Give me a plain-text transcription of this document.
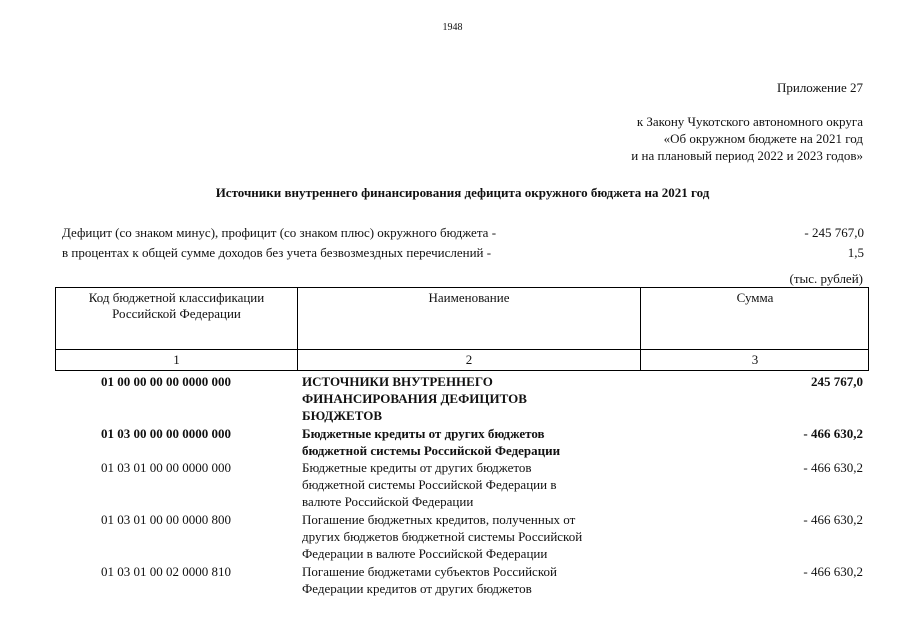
1948
Приложение 27
к Закону Чукотского автономного округа
«Об окружном бюджете на 2021 год
и на плановый период 2022 и 2023 годов»
Источники внутреннего финансирования дефицита окружного бюджета на 2021 год
Дефицит (со знаком минус), профицит (со знаком плюс) окружного бюджета -	- 245 767,0
в процентах к общей сумме доходов без учета безвозмездных перечислений -	1,5
(тыс. рублей)
Код бюджетной классификации
Российской Федерации
Наименование	Сумма
1	2	3
01 00 00 00 00 0000 000	ИСТОЧНИКИ ВНУТРЕННЕГО
ФИНАНСИРОВАНИЯ ДЕФИЦИТОВ
БЮДЖЕТОВ
245 767,0
01 03 00 00 00 0000 000	Бюджетные кредиты от других бюджетов
бюджетной системы Российской Федерации
- 466 630,2
01 03 01 00 00 0000 000	Бюджетные кредиты от других бюджетов
бюджетной системы Российской Федерации в
валюте Российской Федерации
- 466 630,2
01 03 01 00 00 0000 800	Погашение бюджетных кредитов, полученных от
других бюджетов бюджетной системы Российской
Федерации в валюте Российской Федерации
- 466 630,2
01 03 01 00 02 0000 810	Погашение бюджетами субъектов Российской
Федерации кредитов от других бюджетов
- 466 630,2
